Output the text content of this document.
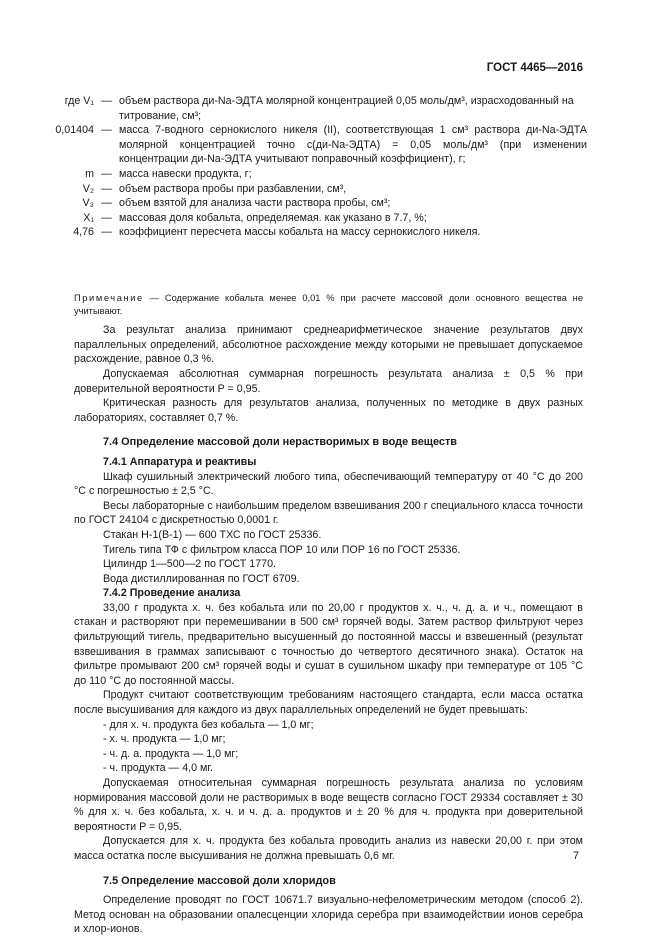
ГОСТ 4465—2016
где V₁ — объем раствора ди-Na-ЭДТА молярной концентрацией 0,05 моль/дм³, израсходованный на
титрование, см³;
0,01404 — масса 7-водного сернокислого никеля (II), соответствующая 1 см³ раствора ди-Na-ЭДТА молярной концентрацией точно с(ди-Na-ЭДТА) = 0,05 моль/дм³ (при изменении концентрации ди-Na-ЭДТА учитывают поправочный коэффициент), г;
m — масса навески продукта, г;
V₂ — объем раствора пробы при разбавлении, см³,
V₃ — объем взятой для анализа части раствора пробы, см³;
X₁ — массовая доля кобальта, определяемая. как указано в 7.7, %;
4,76 — коэффициент пересчета массы кобальта на массу сернокислого никеля.

Примечание — Содержание кобальта менее 0,01 % при расчете массовой доли основного вещества не учитывают.

За результат анализа принимают среднеарифметическое значение результатов двух параллельных определений, абсолютное расхождение между которыми не превышает допускаемое расхождение, равное 0,3 %.

Допускаемая абсолютная суммарная погрешность результата анализа ± 0,5 % при доверительной вероятности P = 0,95.

Критическая разность для результатов анализа, полученных по методике в двух разных лабораториях, составляет 0,7 %.

7.4 Определение массовой доли нерастворимых в воде веществ

7.4.1 Аппаратура и реактивы

Шкаф сушильный электрический любого типа, обеспечивающий температуру от 40 °С до 200 °С с погрешностью ± 2,5 °С.

Весы лабораторные с наибольшим пределом взвешивания 200 г специального класса точности по ГОСТ 24104 с дискретностью 0,0001 г.

Стакан Н-1(В-1) — 600 ТХС по ГОСТ 25336.

Тигель типа ТФ с фильтром класса ПОР 10 или ПОР 16 по ГОСТ 25336.

Цилиндр 1—500—2 по ГОСТ 1770.

Вода дистиллированная по ГОСТ 6709.

7.4.2 Проведение анализа

33,00 г продукта х. ч. без кобальта или по 20,00 г продуктов х. ч., ч. д. а. и ч., помещают в стакан и растворяют при перемешивании в 500 см³ горячей воды. Затем раствор фильтруют через фильтрующий тигель, предварительно высушенный до постоянной массы и взвешенный (результат взвешивания в граммах записывают с точностью до четвертого десятичного знака). Остаток на фильтре промывают 200 см³ горячей воды и сушат в сушильном шкафу при температуре от 105 °С до 110 °С до постоянной массы.

Продукт считают соответствующим требованиям настоящего стандарта, если масса остатка после высушивания для каждого из двух параллельных определений не будет превышать:

- для х. ч. продукта без кобальта — 1,0 мг;

- х. ч. продукта — 1,0 мг;

- ч. д. а. продукта — 1,0 мг;

- ч. продукта — 4,0 мг.

Допускаемая относительная суммарная погрешность результата анализа по условиям нормирования массовой доли не растворимых в воде веществ согласно ГОСТ 29334 составляет ± 30 % для х. ч. без кобальта, х. ч. и ч. д. а. продуктов и ± 20 % для ч. продукта при доверительной вероятности P = 0,95.

Допускается для х. ч. продукта без кобальта проводить анализ из навески 20,00 г. при этом масса остатка после высушивания не должна превышать 0,6 мг.

7.5 Определение массовой доли хлоридов

Определение проводят по ГОСТ 10671.7 визуально-нефелометрическим методом (способ 2). Метод основан на образовании опалесценции хлорида серебра при взаимодействии ионов серебра и хлор-ионов.

7
